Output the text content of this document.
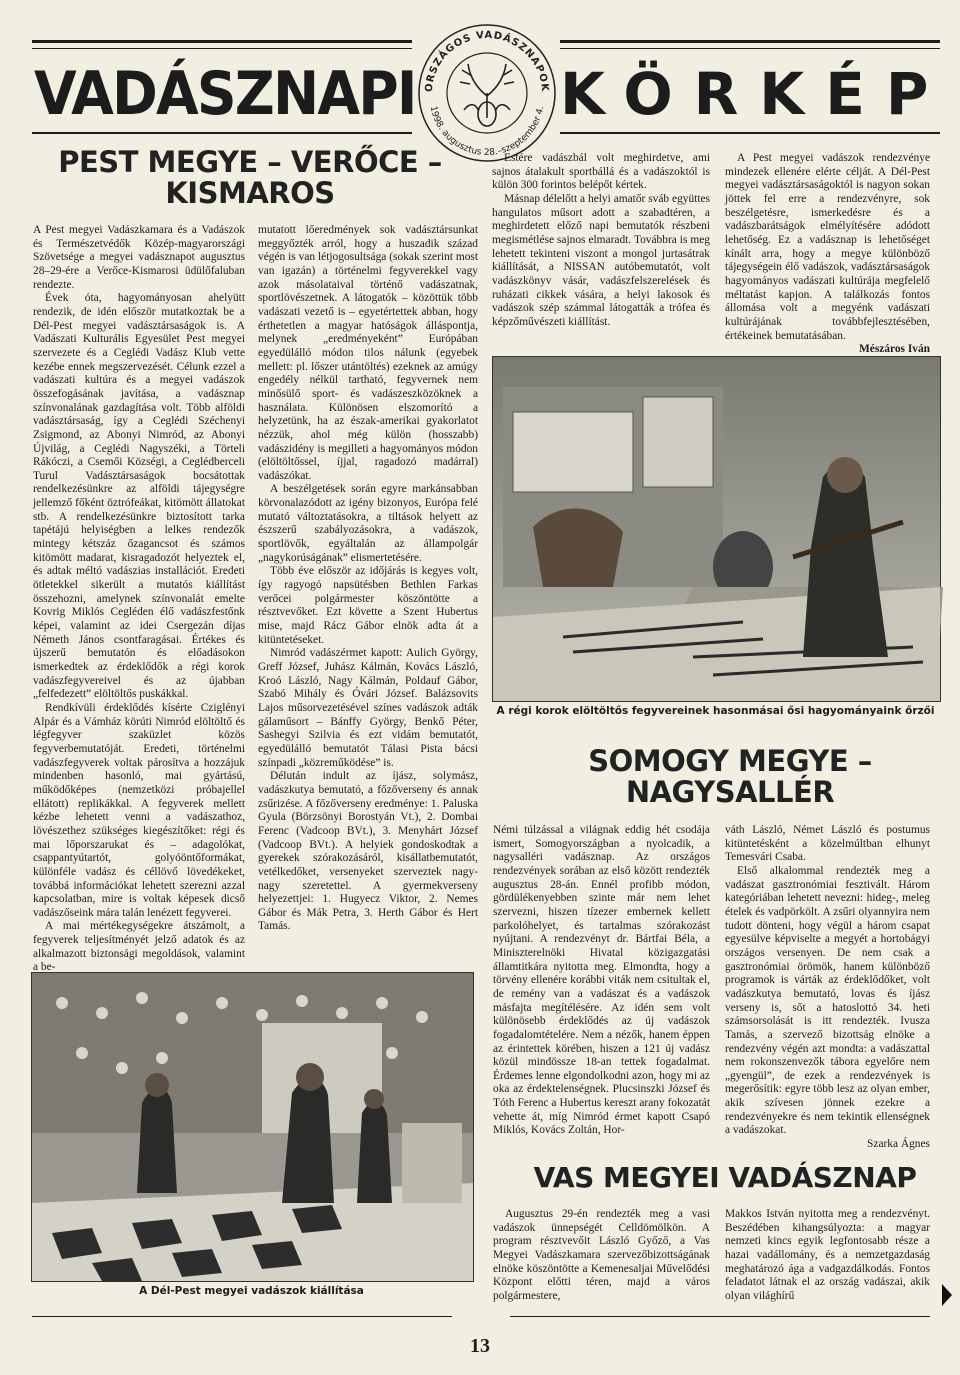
VADÁSZNAPI KÖRKÉP
ORSZÁGOS VADÁSZNAPOK
1998. augusztus 28.–szeptember 4.
PEST MEGYE – VERŐCE –
KISMAROS

A Pest megyei Vadászkamara és a Vadászok és Természetvédők Közép-magyarországi Szövetsége a megyei vadásznapot augusztus 28–29-ére a Verőce-Kismarosi üdülőfaluban rendezte.

Évek óta, hagyományosan ahelyütt rendezik, de idén először mutatkoztak be a Dél-Pest megyei vadásztársaságok is. A Vadászati Kulturális Egyesület Pest megyei szervezete és a Ceglédi Vadász Klub vette kezébe ennek megszervezését. Célunk ezzel a vadászati kultúra és a megyei vadászok összefogásának javítása, a vadásznap színvonalának gazdagítása volt. Több alföldi vadásztársaság, így a Ceglédi Széchenyi Zsigmond, az Abonyi Nimród, az Abonyi Újvilág, a Ceglédi Nagyszéki, a Törteli Rákóczi, a Csemői Községi, a Ceglédberceli Turul Vadásztársaságok bocsátottak rendelkezésünkre az alföldi tájegységre jellemző főként öztrófeákat, kitömött állatokat stb. A rendelkezésünkre biztosított tarka tapétájú helyiségben a lelkes rendezők mintegy kétszáz őzagancsot és számos kitömött madarat, kisragadozót helyeztek el, és adtak méltó vadászias installációt. Eredeti ötletekkel sikerült a mutatós kiállítást összehozni, amelynek színvonalát emelte Kovrig Miklós Cegléden élő vadászfestőnk képei, valamint az idei Csergezán díjas Németh János csontfaragásai. Értékes és újszerű bemutatón és előadásokon ismerkedtek az érdeklődők a régi korok vadászfegyvereivel és az újabban „felfedezett” elöltöltős puskákkal.

Rendkívüli érdeklődés kísérte Cziglényi Alpár és a Vámház körúti Nimród elöltöltő és légfegyver szaküzlet közös fegyverbemutatóját. Eredeti, történelmi vadászfegyverek voltak párosítva a hozzájuk mindenben hasonló, mai gyártású, működőképes (nemzetközi próbajellel ellátott) replikákkal. A fegyverek mellett kézbe lehetett venni a vadászathoz, lövészethez szükséges kiegészítőket: régi és mai lőporszarukat és – adagolókat, csappantyútartót, golyóöntőformákat, különféle vadász és céllövő lövedékeket, továbbá információkat lehetett szerezni azzal kapcsolatban, mire is voltak képesek dicső vadászőseink mára talán lenézett fegyverei.

A mai mértékegységekre átszámolt, a fegyverek teljesítményét jelző adatok és az alkalmazott biztonsági megoldások, valamint a be-

mutatott lőeredmények sok vadásztársunkat meggyőzték arról, hogy a huszadik század végén is van létjogosultsága (sokak szerint most van igazán) a történelmi fegyverekkel vagy azok másolataival történő vadászatnak, sportlövészetnek. A látogatók – közöttük több vadászati vezető is – egyetértettek abban, hogy érthetetlen a magyar hatóságok álláspontja, melynek „eredményeként” Európában egyedülálló módon tilos nálunk (egyebek mellett: pl. lőszer utántöltés) ezeknek az amúgy engedély nélkül tartható, fegyvernek nem minősülő sport- és vadászeszközöknek a használata. Különösen elszomorító a helyzetünk, ha az észak-amerikai gyakorlatot nézzük, ahol még külön (hosszabb) vadászidény is megilleti a hagyományos módon (elöltöltőssel, íjjal, ragadozó madárral) vadászókat.

A beszélgetések során egyre markánsabban körvonalazódott az igény bizonyos, Európa felé mutató változtatásokra, a tiltások helyett az észszerű szabályozásokra, a vadászok, sportlövők, egyáltalán az állampolgár „nagykorúságának” elismertetésére.

Több éve először az időjárás is kegyes volt, így ragyogó napsütésben Bethlen Farkas verőcei polgármester köszöntötte a résztvevőket. Ezt követte a Szent Hubertus mise, majd Rácz Gábor elnök adta át a kitüntetéseket.

Nimród vadászérmet kapott: Aulich György, Greff József, Juhász Kálmán, Kovács László, Kroó László, Nagy Kálmán, Poldauf Gábor, Szabó Mihály és Óvári József. Balázsovits Lajos műsorvezetésével színes vadászok adták gálaműsort – Bánffy György, Benkő Péter, Sashegyi Szilvia és ezt vidám bemutatót, egyedülálló bemutatót Tálasi Pista bácsi színpadi „közreműködése” is.

Délután indult az íjász, solymász, vadászkutya bemutató, a főzőverseny és annak zsűrizése. A főzőverseny eredménye: 1. Paluska Gyula (Börzsönyi Borostyán Vt.), 2. Dombai Ferenc (Vadcoop BVt.), 3. Menyhárt József (Vadcoop BVt.). A helyiek gondoskodtak a gyerekek szórakozásáról, kisállatbemutatót, vetélkedőket, versenyeket szerveztek nagy-nagy szeretettel. A gyermekverseny helyezettjei: 1. Hugyecz Viktor, 2. Nemes Gábor és Mák Petra, 3. Herth Gábor és Hert Tamás.

Estére vadászbál volt meghirdetve, ami sajnos átalakult sportbállá és a vadászoktól is külön 300 forintos belépőt kértek.

Másnap délelőtt a helyi amatőr sváb együttes hangulatos műsort adott a szabadtéren, a meghirdetett előző napi bemutatók részbeni megismétlése sajnos elmaradt. Továbbra is meg lehetett tekinteni viszont a mongol jurtasátrak kiállítását, a NISSAN autóbemutatót, volt vadászkönyv vásár, vadászfelszerelések és ruházati cikkek vására, a helyi lakosok és vadászok szép számmal látogatták a trófea és képzőművészeti kiállítást.

A Pest megyei vadászok rendezvénye mindezek ellenére elérte célját. A Dél-Pest megyei vadásztársaságoktól is nagyon sokan jöttek fel erre a rendezvényre, sok beszélgetésre, ismerkedésre és a vadászbarátságok elmélyítésére adódott lehetőség. Ez a vadásznap is lehetőséget kínált arra, hogy a megye különböző tájegységein élő vadászok, vadásztársaságok hagyományos vadászati kultúrája megfelelő méltatást kapjon. A találkozás fontos állomása volt a megyénk vadászati kultúrájának továbbfejlesztésében, értékeinek bemutatásában.

Mészáros Iván

A régi korok elöltöltős fegyvereinek hasonmásai ősi hagyományaink őrzői
A Dél-Pest megyei vadászok kiállítása
SOMOGY MEGYE –
NAGYSALLÉR

Némi túlzással a világnak eddig hét csodája ismert, Somogyországban a nyolcadik, a nagysalléri vadásznap. Az országos rendezvények sorában az első között rendezték augusztus 28-án. Ennél profibb módon, gördülékenyebben szinte már nem lehet szervezni, hiszen tízezer embernek kellett parkolóhelyet, és tartalmas szórakozást nyújtani. A rendezvényt dr. Bártfai Béla, a Miniszterelnöki Hivatal közigazgatási államtitkára nyitotta meg. Elmondta, hogy a törvény ellenére korábbi viták nem csitultak el, de remény van a vadászat és a vadászok másfajta megítélésére. Az idén sem volt különösebb érdeklődés az új vadászok fogadalomtételére. Nem a nézők, hanem éppen az érintettek körében, hiszen a 121 új vadász közül mindössze 18-an tettek fogadalmat. Érdemes lenne elgondolkodni azon, hogy mi az oka az érdektelenségnek. Plucsinszki József és Tóth Ferenc a Hubertus kereszt arany fokozatát vehette át, míg Nimród érmet kapott Csapó Miklós, Kovács Zoltán, Hor-

váth László, Német László és postumus kitüntetésként a közelmúltban elhunyt Temesvári Csaba.

Első alkalommal rendezték meg a vadászat gasztronómiai fesztivált. Három kategóriában lehetett nevezni: hideg-, meleg ételek és vadpörkölt. A zsűri olyannyira nem tudott dönteni, hogy végül a három csapat egyesülve képviselte a megyét a hortobágyi országos versenyen. De nem csak a gasztronómiai örömök, hanem különböző programok is várták az érdeklődőket, volt vadászkutya bemutató, lovas és íjász verseny is, sőt a hatoslottó 34. heti számsorsolását is itt rendezték. Ivusza Tamás, a szervező bizottság elnöke a rendezvény végén azt mondta: a vadászattal nem rokonszenvezők tábora egyelőre nem „gyengül”, de ezek a rendezvények is megerősítik: egyre több lesz az olyan ember, akik szívesen jönnek ezekre a rendezvényekre és nem tekintik ellenségnek a vadászokat.

Szarka Ágnes

VAS MEGYEI VADÁSZNAP

Augusztus 29-én rendezték meg a vasi vadászok ünnepségét Celldömölkön. A program résztvevőit László Győző, a Vas Megyei Vadászkamara szervezőbizottságának elnöke köszöntötte a Kemenesaljai Művelődési Központ előtti téren, majd a város polgármestere,

Makkos István nyitotta meg a rendezvényt. Beszédében kihangsúlyozta: a magyar nemzeti kincs egyik legfontosabb része a hazai vadállomány, és a nemzetgazdaság meghatározó ága a vadgazdálkodás. Fontos feladatot látnak el az ország vadászai, akik olyan világhírű

13
